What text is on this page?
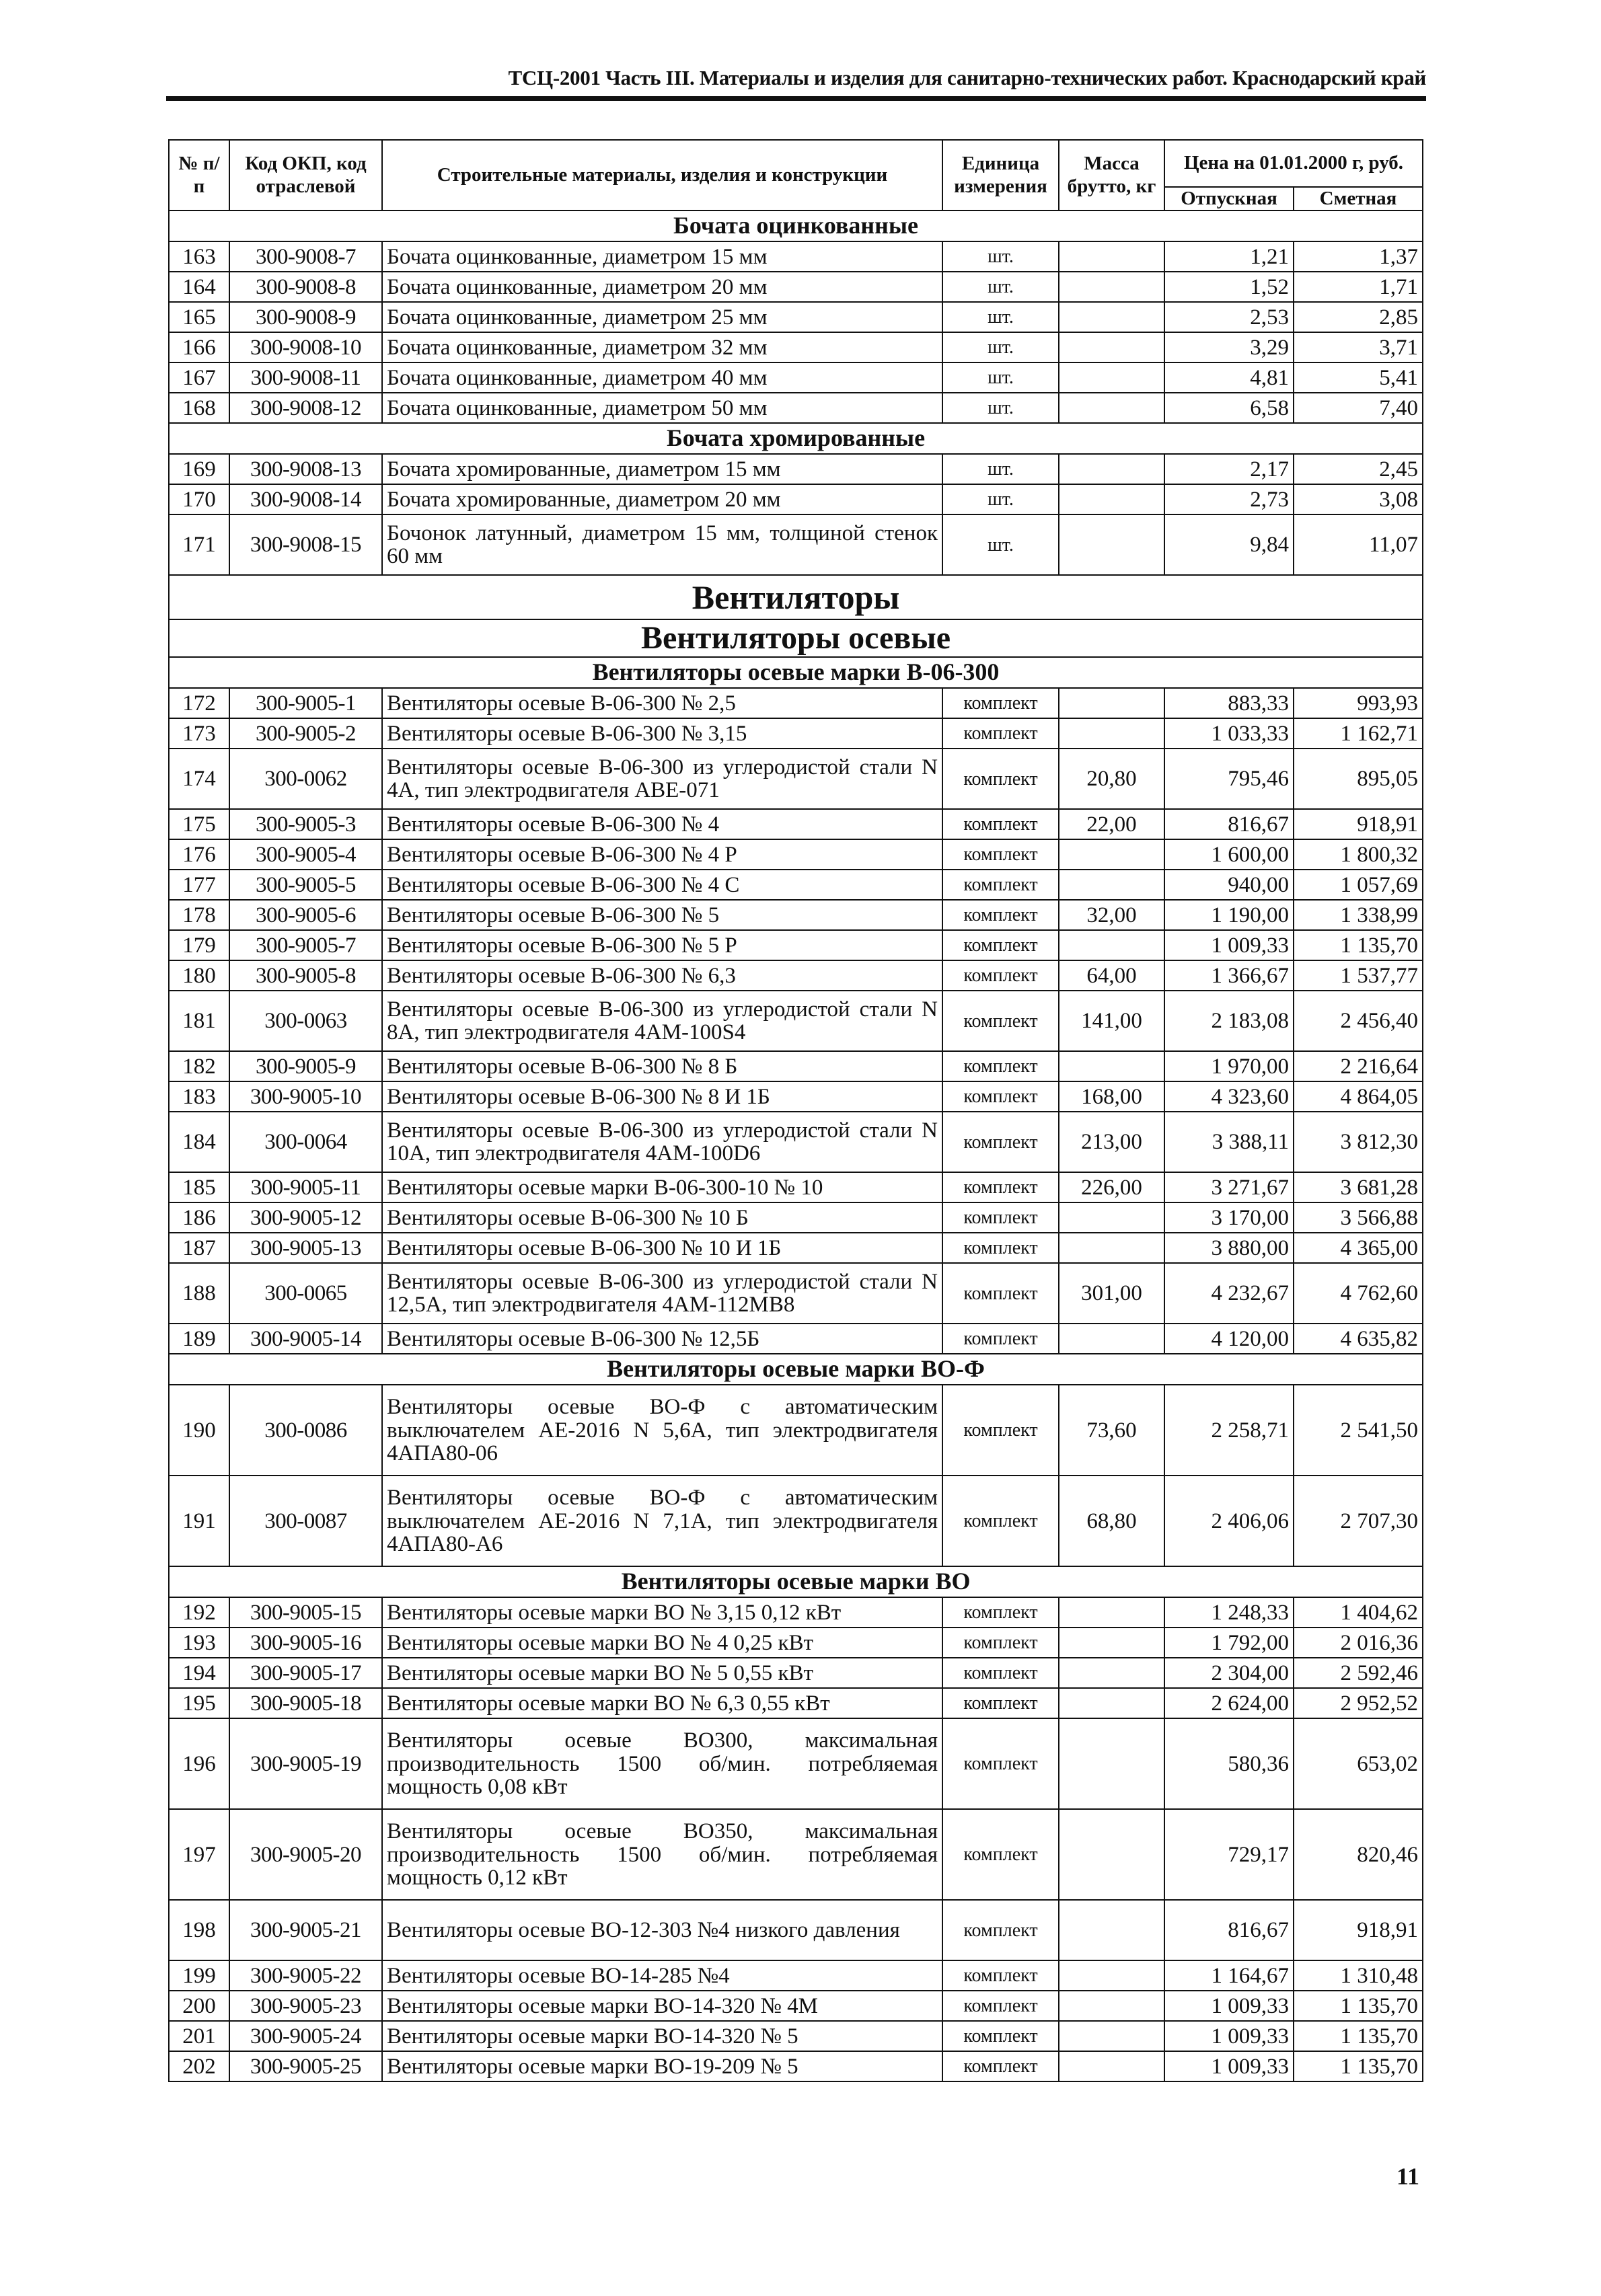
ТСЦ-2001 Часть III. Материалы и изделия для санитарно-технических работ. Краснодарский край
№ п/п	Код ОКП, код отраслевой	Строительные материалы, изделия и конструкции	Единица измерения	Масса брутто, кг	Цена на 01.01.2000 г, руб.	
					Отпускная	Сметная
Бочата оцинкованные						
163	300-9008-7	Бочата оцинкованные, диаметром 15 мм	шт.		1,21	1,37
164	300-9008-8	Бочата оцинкованные, диаметром 20 мм	шт.		1,52	1,71
165	300-9008-9	Бочата оцинкованные, диаметром 25 мм	шт.		2,53	2,85
166	300-9008-10	Бочата оцинкованные, диаметром 32 мм	шт.		3,29	3,71
167	300-9008-11	Бочата оцинкованные, диаметром 40 мм	шт.		4,81	5,41
168	300-9008-12	Бочата оцинкованные, диаметром 50 мм	шт.		6,58	7,40
Бочата хромированные						
169	300-9008-13	Бочата хромированные, диаметром 15 мм	шт.		2,17	2,45
170	300-9008-14	Бочата хромированные, диаметром 20 мм	шт.		2,73	3,08
171	300-9008-15	Бочонок латунный, диаметром 15 мм, толщиной стенок 60 мм	шт.		9,84	11,07
Вентиляторы						
Вентиляторы осевые						
Вентиляторы осевые марки В-06-300						
172	300-9005-1	Вентиляторы осевые В-06-300 № 2,5	комплект		883,33	993,93
173	300-9005-2	Вентиляторы осевые В-06-300 № 3,15	комплект		1 033,33	1 162,71
174	300-0062	Вентиляторы осевые В-06-300 из углеродистой стали N 4А, тип электродвигателя АВЕ-071	комплект	20,80	795,46	895,05
175	300-9005-3	Вентиляторы осевые В-06-300 № 4	комплект	22,00	816,67	918,91
176	300-9005-4	Вентиляторы осевые В-06-300 № 4 Р	комплект		1 600,00	1 800,32
177	300-9005-5	Вентиляторы осевые В-06-300 № 4 С	комплект		940,00	1 057,69
178	300-9005-6	Вентиляторы осевые В-06-300 № 5	комплект	32,00	1 190,00	1 338,99
179	300-9005-7	Вентиляторы осевые В-06-300 № 5 Р	комплект		1 009,33	1 135,70
180	300-9005-8	Вентиляторы осевые В-06-300 № 6,3	комплект	64,00	1 366,67	1 537,77
181	300-0063	Вентиляторы осевые В-06-300 из углеродистой стали N 8А, тип электродвигателя 4АМ-100S4	комплект	141,00	2 183,08	2 456,40
182	300-9005-9	Вентиляторы осевые В-06-300 № 8 Б	комплект		1 970,00	2 216,64
183	300-9005-10	Вентиляторы осевые В-06-300 № 8 И 1Б	комплект	168,00	4 323,60	4 864,05
184	300-0064	Вентиляторы осевые В-06-300 из углеродистой стали N 10А, тип электродвигателя 4АМ-100D6	комплект	213,00	3 388,11	3 812,30
185	300-9005-11	Вентиляторы осевые марки В-06-300-10 № 10	комплект	226,00	3 271,67	3 681,28
186	300-9005-12	Вентиляторы осевые В-06-300 № 10 Б	комплект		3 170,00	3 566,88
187	300-9005-13	Вентиляторы осевые В-06-300 № 10 И 1Б	комплект		3 880,00	4 365,00
188	300-0065	Вентиляторы осевые В-06-300 из углеродистой стали N 12,5А, тип электродвигателя 4АМ-112МВ8	комплект	301,00	4 232,67	4 762,60
189	300-9005-14	Вентиляторы осевые В-06-300 № 12,5Б	комплект		4 120,00	4 635,82
Вентиляторы осевые марки ВО-Ф						
190	300-0086	Вентиляторы осевые ВО-Ф с автоматическим выключателем АЕ-2016 N 5,6А, тип электродвигателя 4АПА80-06	комплект	73,60	2 258,71	2 541,50
191	300-0087	Вентиляторы осевые ВО-Ф с автоматическим выключателем АЕ-2016 N 7,1А, тип электродвигателя 4АПА80-А6	комплект	68,80	2 406,06	2 707,30
Вентиляторы осевые марки ВО						
192	300-9005-15	Вентиляторы осевые марки ВО № 3,15 0,12 кВт	комплект		1 248,33	1 404,62
193	300-9005-16	Вентиляторы осевые марки ВО № 4 0,25 кВт	комплект		1 792,00	2 016,36
194	300-9005-17	Вентиляторы осевые марки ВО № 5 0,55 кВт	комплект		2 304,00	2 592,46
195	300-9005-18	Вентиляторы осевые марки ВО № 6,3 0,55 кВт	комплект		2 624,00	2 952,52
196	300-9005-19	Вентиляторы осевые ВО300, максимальная производительность 1500 об/мин. потребляемая мощность 0,08 кВт	комплект		580,36	653,02
197	300-9005-20	Вентиляторы осевые ВО350, максимальная производительность 1500 об/мин. потребляемая мощность 0,12 кВт	комплект		729,17	820,46
198	300-9005-21	Вентиляторы осевые ВО-12-303 №4 низкого давления	комплект		816,67	918,91
199	300-9005-22	Вентиляторы осевые ВО-14-285 №4	комплект		1 164,67	1 310,48
200	300-9005-23	Вентиляторы осевые марки ВО-14-320 № 4М	комплект		1 009,33	1 135,70
201	300-9005-24	Вентиляторы осевые марки ВО-14-320 № 5	комплект		1 009,33	1 135,70
202	300-9005-25	Вентиляторы осевые марки ВО-19-209 № 5	комплект		1 009,33	1 135,70
11
